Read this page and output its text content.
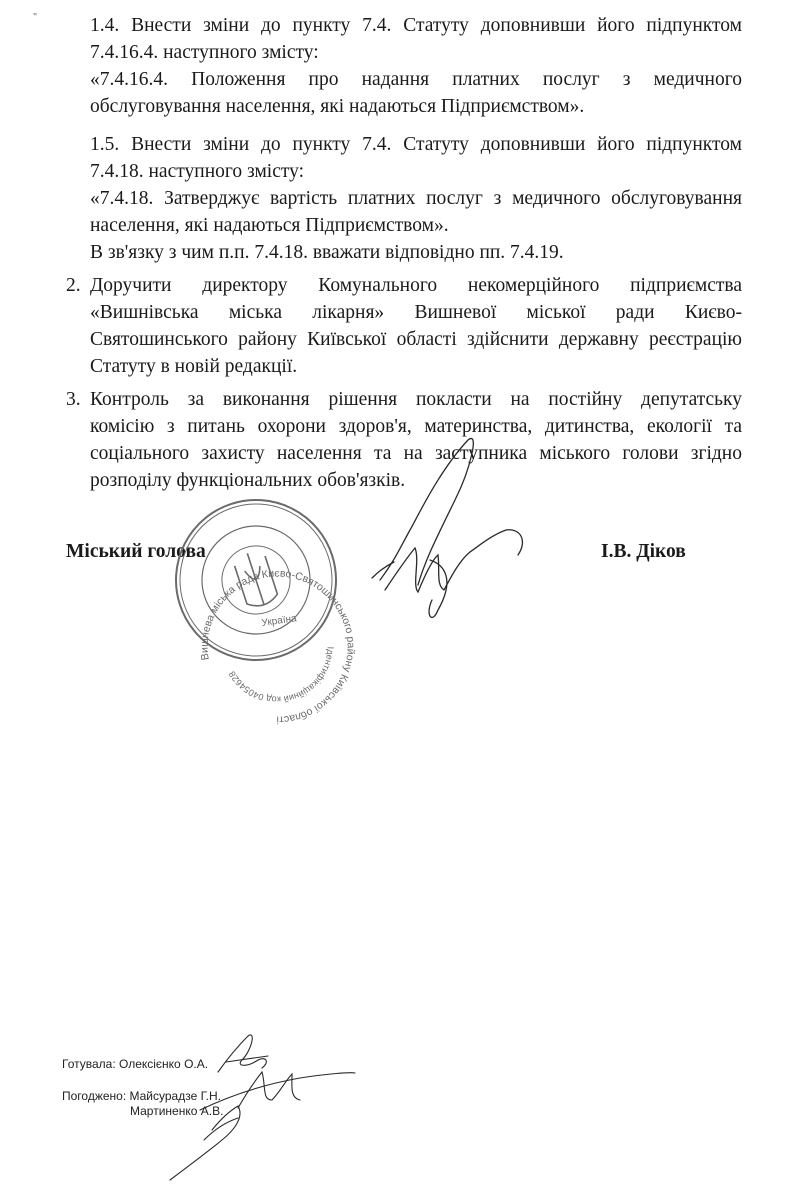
"	1.4. Внести зміни до пункту 7.4. Статуту доповнивши його підпунктом

7.4.16.4. наступного змісту:

«7.4.16.4. Положення про надання платних послуг з медичного

обслуговування населення, які надаються Підприємством».

1.5. Внести зміни до пункту 7.4. Статуту доповнивши його підпунктом

7.4.18. наступного змісту:

«7.4.18. Затверджує вартість платних послуг з медичного обслуговування

населення, які надаються Підприємством».

В зв'язку з чим п.п. 7.4.18. вважати відповідно пп. 7.4.19.

2. Доручити директору Комунального некомерційного підприємства

«Вишнівська міська лікарня» Вишневої міської ради Києво-

Святошинського району Київської області здійснити державну реєстрацію

Статуту в новій редакції.

3. Контроль за виконання рішення покласти на постійну депутатську

комісію з питань охорони здоров'я, материнства, дитинства, екології та

соціального захисту населення та на заступника міського голови згідно

розподілу функціональних обов'язків.

Міський голова	І.В. Діков
Вишнева міська рада Києво-Святошинського району Київської області
Ідентифікаційний код 04054628
Україна
Готувала: Олексієнко О.А.
Погоджено: Майсурадзе Г.Н.
Мартиненко А.В.
